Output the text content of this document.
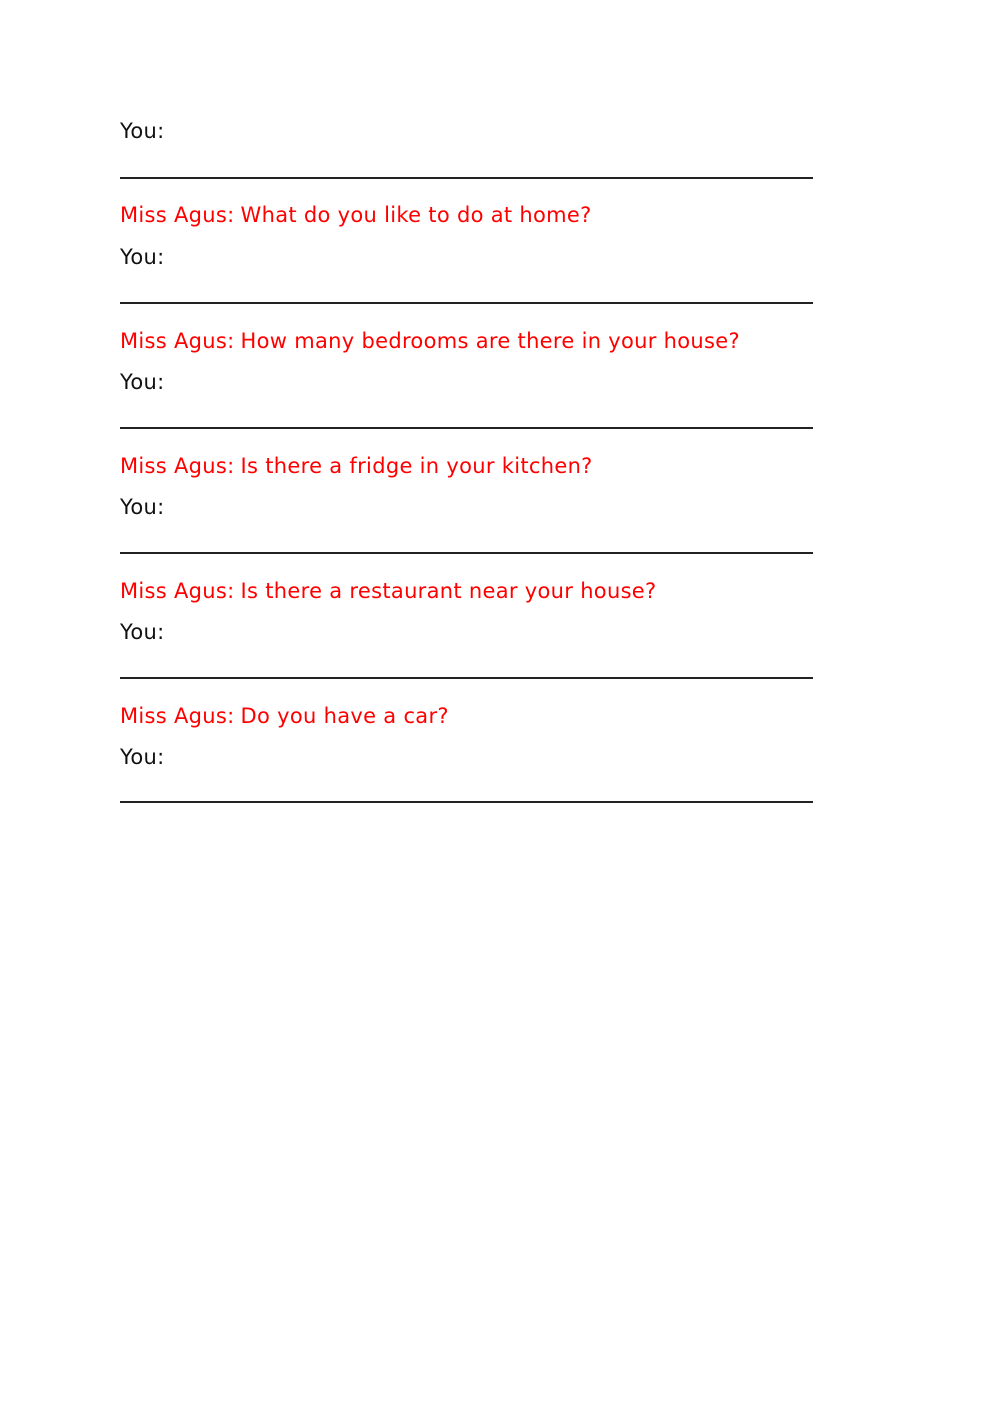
You:
Miss Agus: What do you like to do at home?
You:
Miss Agus: How many bedrooms are there in your house?
You:
Miss Agus: Is there a fridge in your kitchen?
You:
Miss Agus: Is there a restaurant near your house?
You:
Miss Agus: Do you have a car?
You:
